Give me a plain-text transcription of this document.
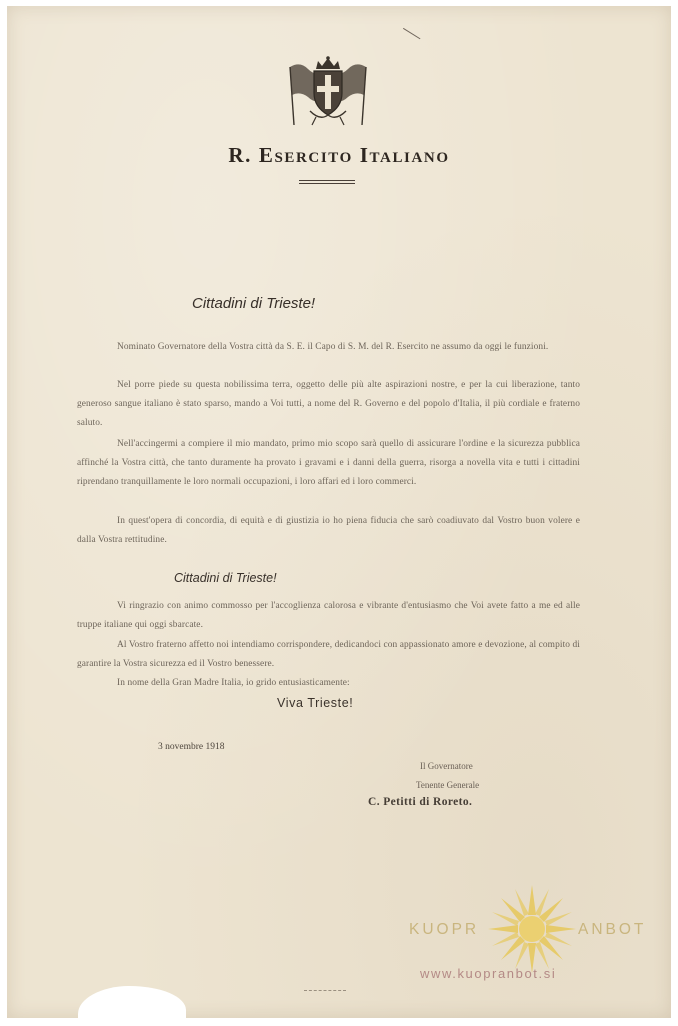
R. Esercito Italiano
Cittadini di Trieste!
Nominato Governatore della Vostra città da S. E. il Capo di S. M. del R. Esercito ne assumo da oggi le funzioni.
Nel porre piede su questa nobilissima terra, oggetto delle più alte aspirazioni nostre, e per la cui liberazione, tanto generoso sangue italiano è stato sparso, mando a Voi tutti, a nome del R. Governo e del popolo d'Italia, il più cordiale e fraterno saluto.
Nell'accingermi a compiere il mio mandato, primo mio scopo sarà quello di assicurare l'ordine e la sicurezza pubblica affinché la Vostra città, che tanto duramente ha provato i gravami e i danni della guerra, risorga a novella vita e tutti i cittadini riprendano tranquillamente le loro normali occupazioni, i loro affari ed i loro commerci.
In quest'opera di concordia, di equità e di giustizia io ho piena fiducia che sarò coadiuvato dal Vostro buon volere e dalla Vostra rettitudine.
Cittadini di Trieste!
Vi ringrazio con animo commosso per l'accoglienza calorosa e vibrante d'entusiasmo che Voi avete fatto a me ed alle truppe italiane qui oggi sbarcate.
Al Vostro fraterno affetto noi intendiamo corrispondere, dedicandoci con appassionato amore e devozione, al compito di garantire la Vostra sicurezza ed il Vostro benessere.
In nome della Gran Madre Italia, io grido entusiasticamente:
Viva Trieste!
3 novembre 1918
Il Governatore
Tenente Generale
C. Petitti di Roreto.
KUOPR	ANBOT
www.kuopranbot.si
